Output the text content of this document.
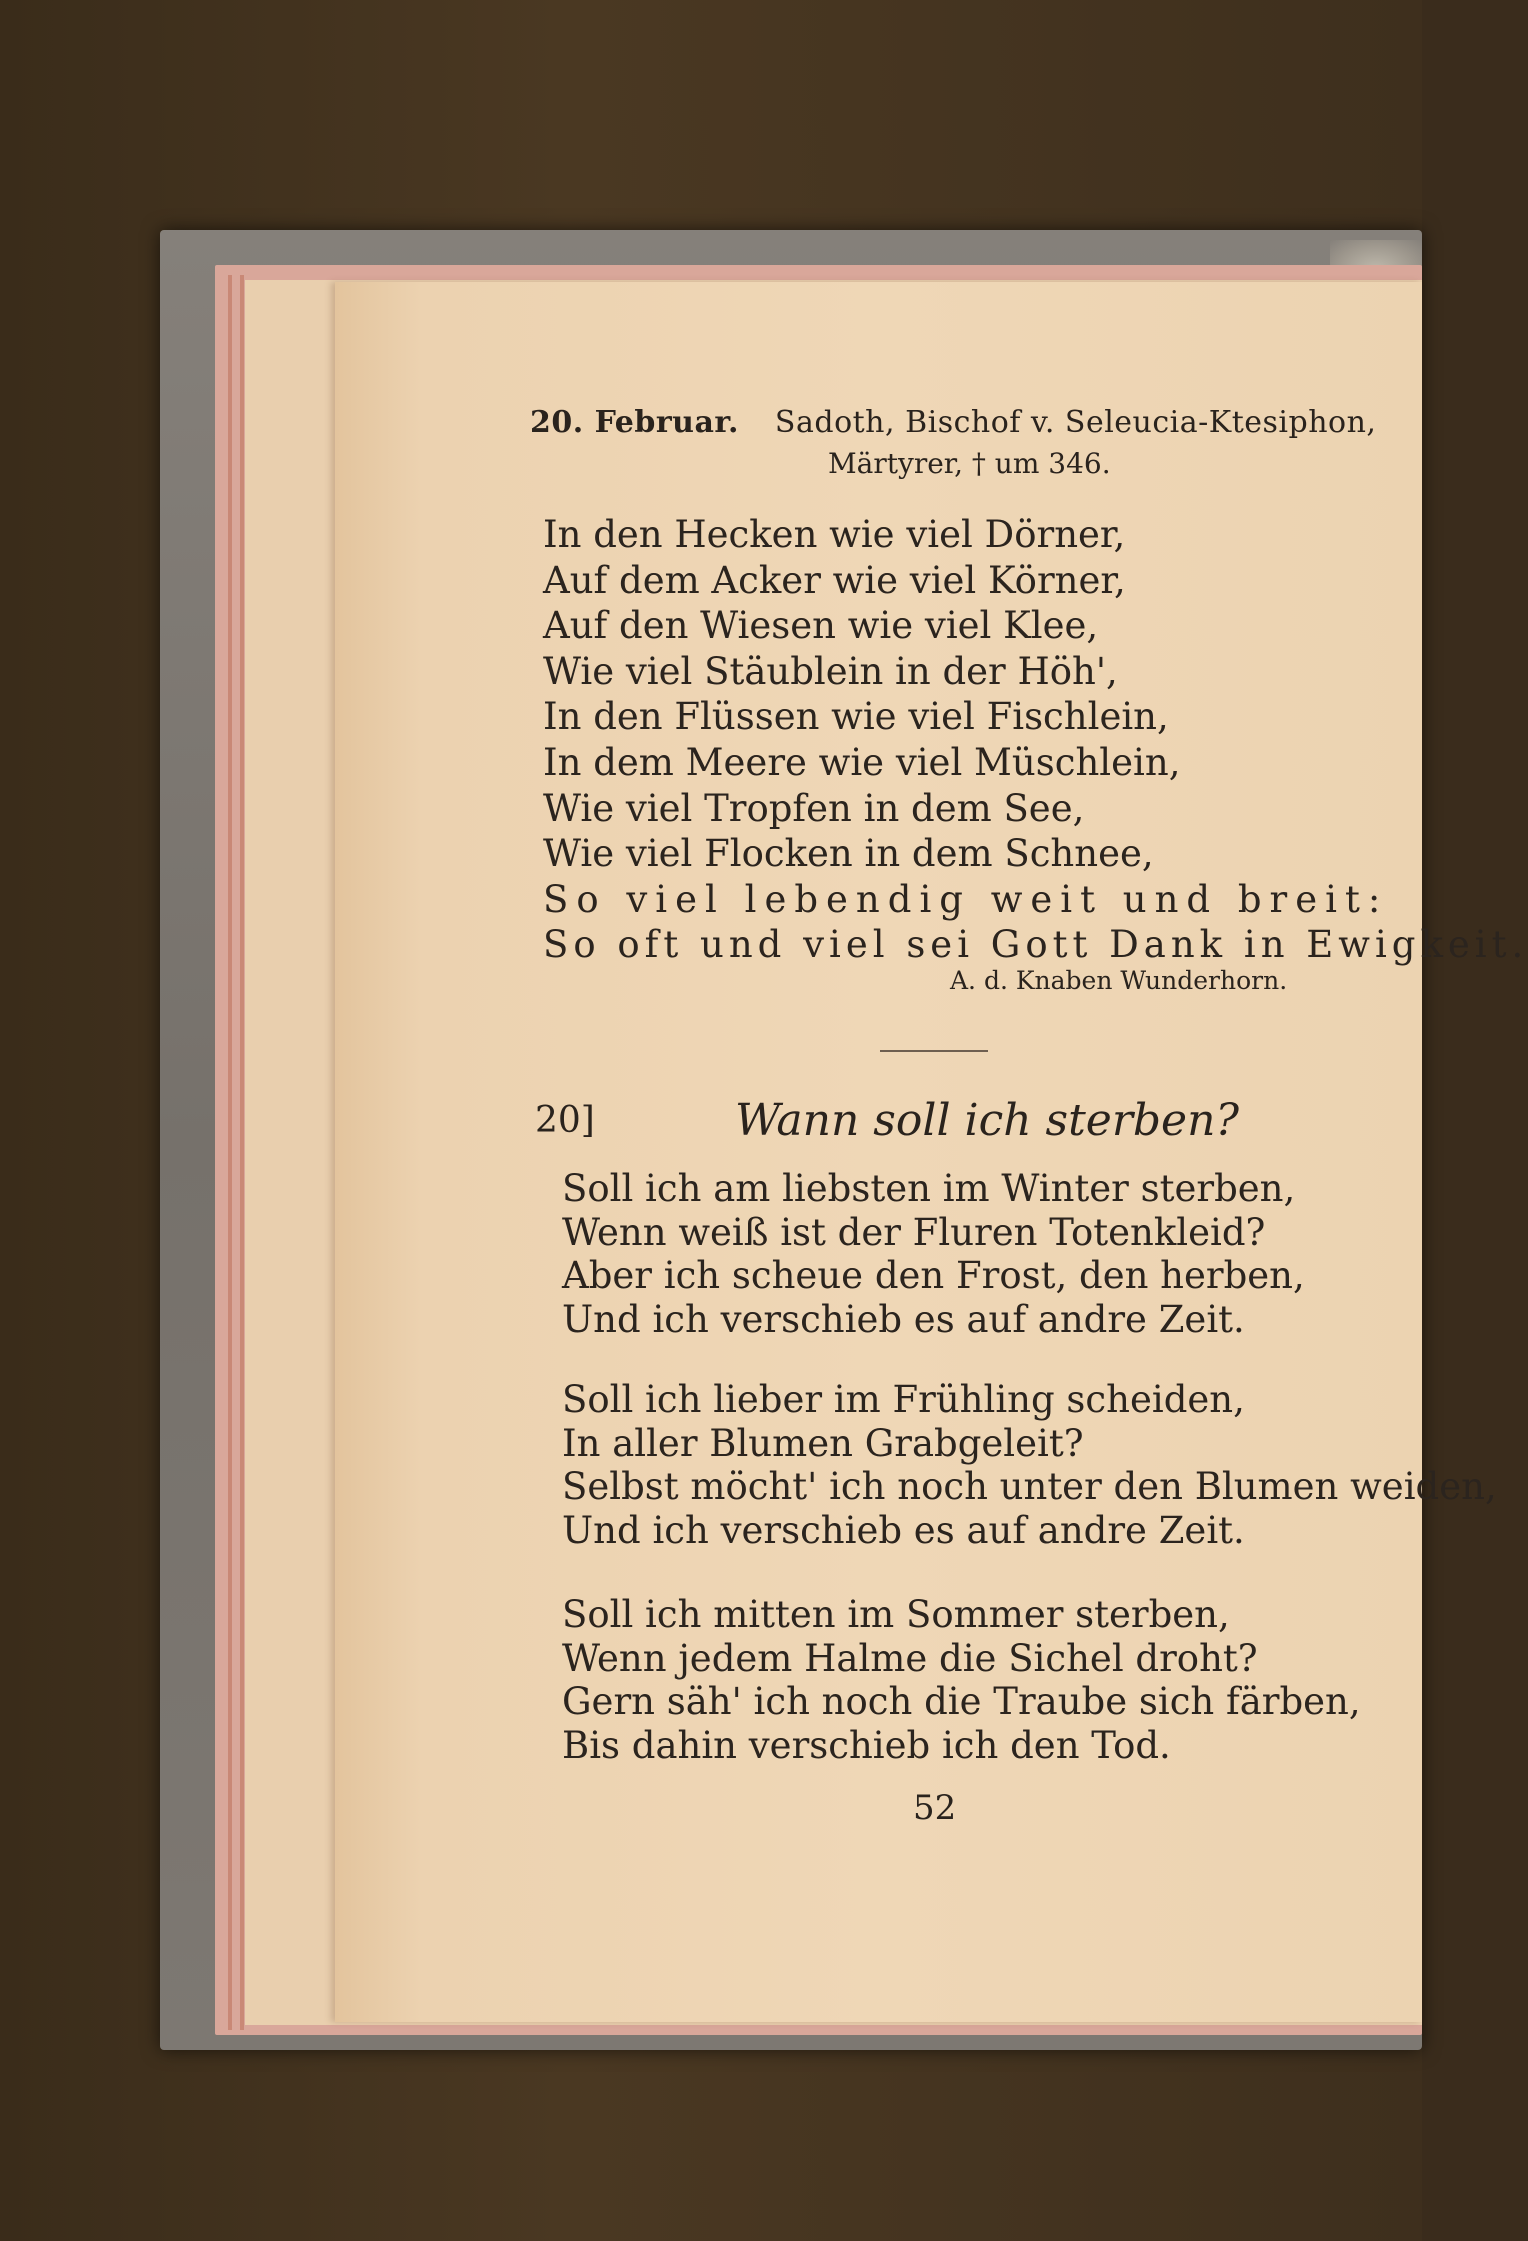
20. Februar. Sadoth, Bischof v. Seleucia-Ktesiphon,
Märtyrer, † um 346.
In den Hecken wie viel Dörner,
Auf dem Acker wie viel Körner,
Auf den Wiesen wie viel Klee,
Wie viel Stäublein in der Höh',
In den Flüssen wie viel Fischlein,
In dem Meere wie viel Müschlein,
Wie viel Tropfen in dem See,
Wie viel Flocken in dem Schnee,
So viel lebendig weit und breit:
So oft und viel sei Gott Dank in Ewigkeit.
A. d. Knaben Wunderhorn.
20]	Wann soll ich sterben?
Soll ich am liebsten im Winter sterben,
Wenn weiß ist der Fluren Totenkleid?
Aber ich scheue den Frost, den herben,
Und ich verschieb es auf andre Zeit.
Soll ich lieber im Frühling scheiden,
In aller Blumen Grabgeleit?
Selbst möcht' ich noch unter den Blumen weiden,
Und ich verschieb es auf andre Zeit.
Soll ich mitten im Sommer sterben,
Wenn jedem Halme die Sichel droht?
Gern säh' ich noch die Traube sich färben,
Bis dahin verschieb ich den Tod.
52
